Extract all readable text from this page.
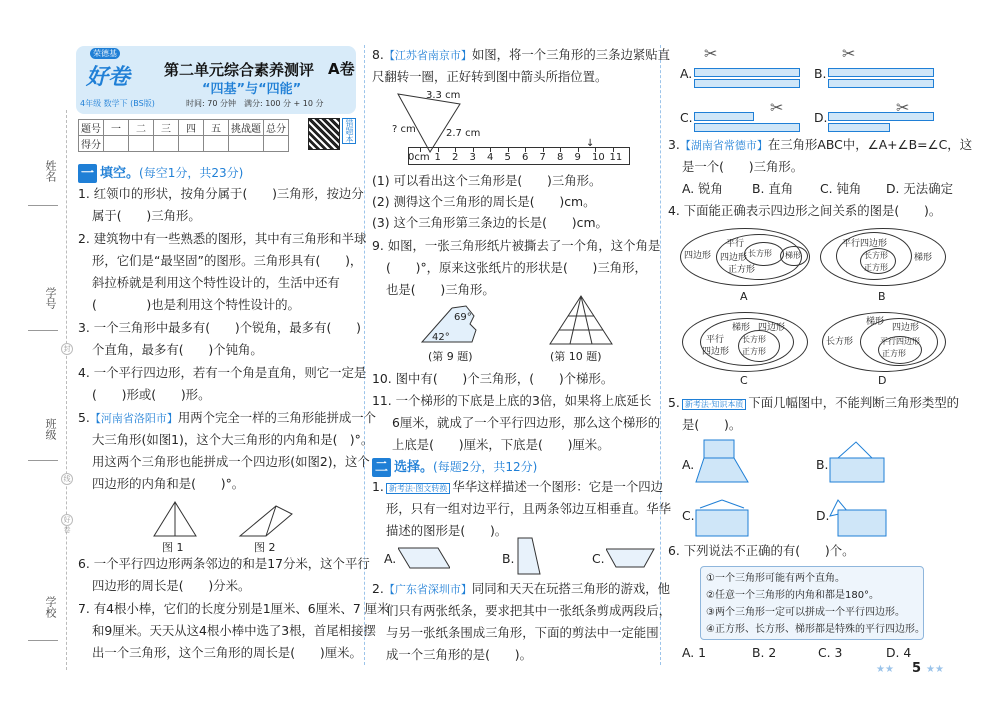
姓名
学号
班级
学校
封
线
好卷
荣德基
好卷
4年级 数学下 (BS版)
第二单元综合素养测评 A卷
“四基”与“四能”
时间: 70 分钟　满分: 100 分 + 10 分
题号	一	二	三	四	五	挑战题	总分
得分							
错题本
一 填空。(每空1分，共23分)
1. 红领巾的形状，按角分属于(　　)三角形，按边分
属于(　　)三角形。
2. 建筑物中有一些熟悉的图形，其中有三角形和半球
形，它们是“最坚固”的图形。三角形具有(　　)，
斜拉桥就是利用这个特性设计的，生活中还有
(　　　　)也是利用这个特性设计的。
3. 一个三角形中最多有(　　)个锐角，最多有(　　)
个直角，最多有(　　)个钝角。
4. 一个平行四边形，若有一个角是直角，则它一定是
(　　)形或(　　)形。
5.【河南省洛阳市】用两个完全一样的三角形能拼成一个
大三角形(如图1)，这个大三角形的内角和是(　)°。
用这两个三角形也能拼成一个四边形(如图2)，这个
四边形的内角和是(　　)°。
图 1	图 2
6. 一个平行四边形两条邻边的和是17分米，这个平行
四边形的周长是(　　)分米。
7. 有4根小棒，它们的长度分别是1厘米、6厘米、7 厘米
和9厘米。天天从这4根小棒中选了3根，首尾相接摆
出一个三角形，这个三角形的周长是(　　)厘米。
8.【江苏省南京市】如图，将一个三角形的三条边紧贴直
尺翻转一圈，正好转到图中箭头所指位置。
3.3 cm
2.7 cm
? cm
↓
0cm 1 2 3 4 5 6 7 8 9 10 11
(1) 可以看出这个三角形是(　　)三角形。
(2) 测得这个三角形的周长是(　　)cm。
(3) 这个三角形第三条边的长是(　　)cm。
9. 如图，一张三角形纸片被撕去了一个角，这个角是
(　　)°，原来这张纸片的形状是(　　)三角形，
也是(　　)三角形。
69°
42°
(第 9 题)	(第 10 题)
10. 图中有(　　)个三角形，(　　)个梯形。
11. 一个梯形的下底是上底的3倍，如果将上底延长
6厘米，就成了一个平行四边形，那么这个梯形的
上底是(　　)厘米，下底是(　　)厘米。
二 选择。(每题2分，共12分)
1. 新考法·图文转换 华华这样描述一个图形：它是一个四边
形，只有一组对边平行，且两条邻边互相垂直。华华
描述的图形是(　　)。
A.	B.	C.
2.【广东省深圳市】同同和天天在玩搭三角形的游戏，他
们只有两张纸条，要求把其中一张纸条剪成两段后，
与另一张纸条围成三角形，下面的剪法中一定能围
成一个三角形的是(　　)。
A.	B.
C.	D.
✂	✂
✂	✂
3.【湖南省常德市】在三角形ABC中，∠A+∠B=∠C，这
是一个(　　)三角形。
A. 锐角 B. 直角 C. 钝角 D. 无法确定
4. 下面能正确表示四边形之间关系的图是(　　)。
平行
四边形 长方形 梯形
四边形
正方形
A
平行四边形
长方形	梯形
正方形
B
梯形 四边形
平行
四边形
长方形
正方形
C
梯形
四边形
长方形	平行四边形
正方形
D
5. 新考法·知识本质 下面几幅图中，不能判断三角形类型的
是(　　)。
A.	B.
C.	D.
6. 下列说法不正确的有(　　)个。
①一个三角形可能有两个直角。
②任意一个三角形的内角和都是180°。
③两个三角形一定可以拼成一个平行四边形。
④正方形、长方形、梯形都是特殊的平行四边形。
A. 1	B. 2	C. 3	D. 4
★★ 5 ★★
